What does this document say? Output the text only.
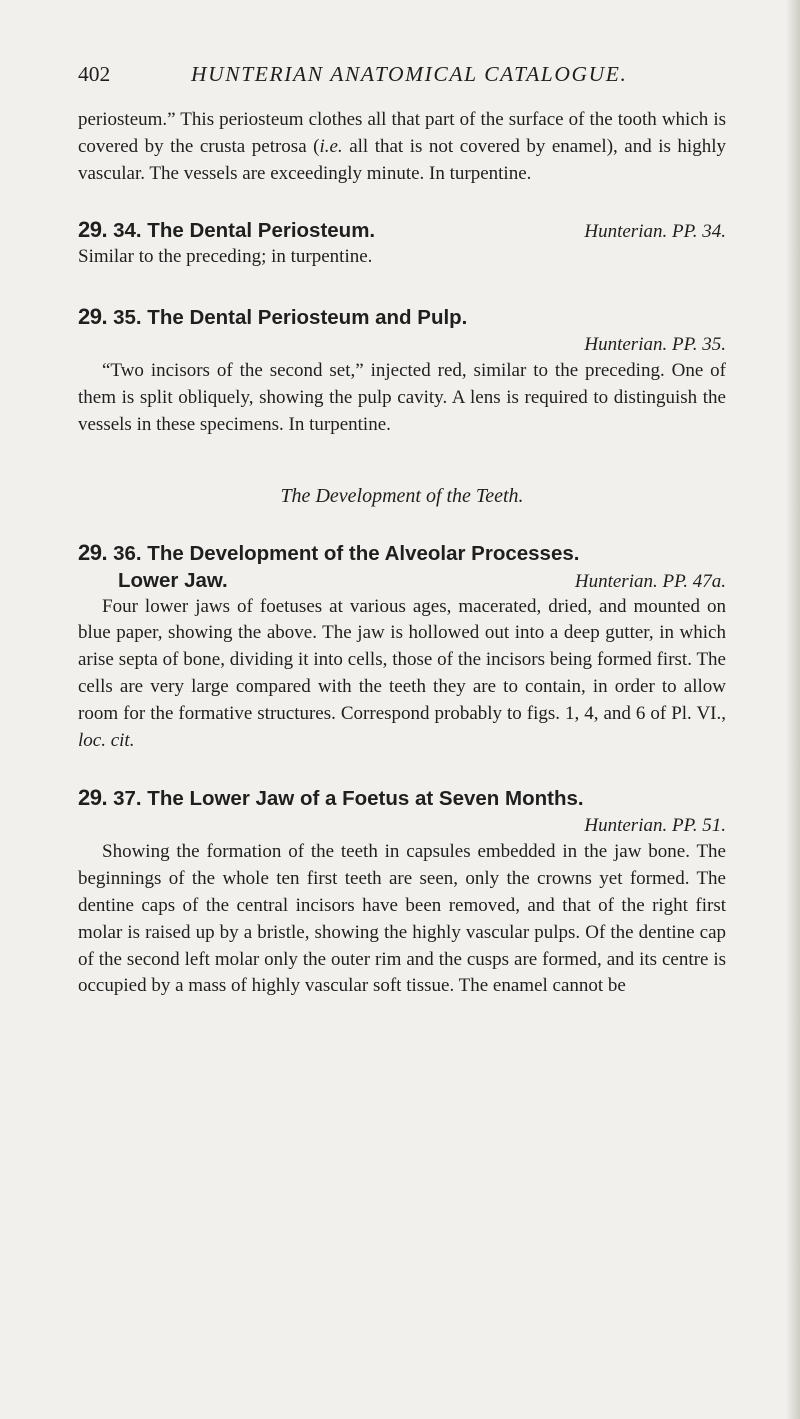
402	HUNTERIAN ANATOMICAL CATALOGUE.

periosteum.” This periosteum clothes all that part of the surface of the tooth which is covered by the crusta petrosa (i.e. all that is not covered by enamel), and is highly vascular. The vessels are exceedingly minute. In turpentine.

29. 34. The Dental Periosteum.	Hunterian. PP. 34.

Similar to the preceding; in turpentine.

29. 35. The Dental Periosteum and Pulp.
Hunterian. PP. 35.

“Two incisors of the second set,” injected red, similar to the preceding. One of them is split obliquely, showing the pulp cavity. A lens is required to distinguish the vessels in these specimens. In turpentine.

The Development of the Teeth.

29. 36. The Development of the Alveolar Processes.
Lower Jaw.	Hunterian. PP. 47a.

Four lower jaws of foetuses at various ages, macerated, dried, and mounted on blue paper, showing the above. The jaw is hollowed out into a deep gutter, in which arise septa of bone, dividing it into cells, those of the incisors being formed first. The cells are very large compared with the teeth they are to contain, in order to allow room for the formative structures. Correspond probably to figs. 1, 4, and 6 of Pl. VI., loc. cit.

29. 37. The Lower Jaw of a Foetus at Seven Months.
Hunterian. PP. 51.

Showing the formation of the teeth in capsules embedded in the jaw bone. The beginnings of the whole ten first teeth are seen, only the crowns yet formed. The dentine caps of the central incisors have been removed, and that of the right first molar is raised up by a bristle, showing the highly vascular pulps. Of the dentine cap of the second left molar only the outer rim and the cusps are formed, and its centre is occupied by a mass of highly vascular soft tissue. The enamel cannot be
